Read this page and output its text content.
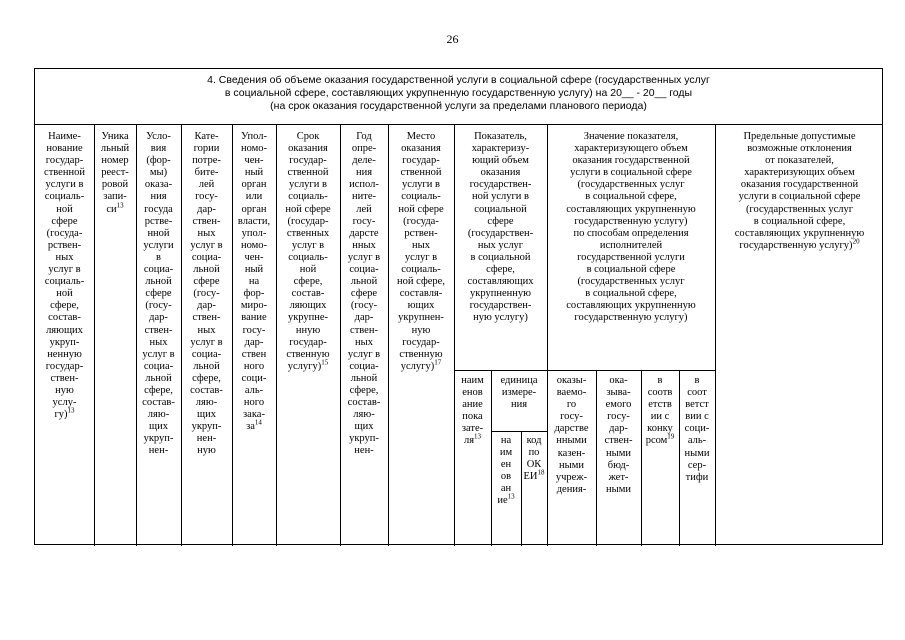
26
4. Сведения об объеме оказания государственной услуги в социальной сфере (государственных услуг
в социальной сфере, составляющих укрупненную государственную услугу) на 20__ - 20__ годы
(на срок оказания государственной услуги за пределами планового периода)
Наиме-
нование
государ-
ственной
услуги в
социаль-
ной
сфере
(госуда-
рствен-
ных
услуг в
социаль-
ной
сфере,
состав-
ляющих
укруп-
ненную
государ-
ствен-
ную
услу-
гу)$^{13}$
Уника
льный
номер
реест-
ровой
запи-
$си^{13}$
Усло-
вия
(фор-
мы)
оказа-
ния
госуда
рстве-
нной
услуги
в
социа-
льной
сфере
(госу-
дар-
ствен-
ных
услуг в
социа-
льной
сфере,
состав-
ляю-
щих
укруп-
нен-
Кате-
гории
потре-
бите-
лей
госу-
дар-
ствен-
ных
услуг в
социа-
льной
сфере
(госу-
дар-
ствен-
ных
услуг в
социа-
льной
сфере,
состав-
ляю-
щих
укруп-
нен-
ную
Упол-
номо-
чен-
ный
орган
или
орган
власти,
упол-
номо-
чен-
ный
на
фор-
миро-
вание
госу-
дар-
ствен
ного
соци-
аль-
ного
зака-
$за^{14}$
Срок
оказания
государ-
ственной
услуги в
социаль-
ной сфере
(государ-
ственных
услуг в
социаль-
ной
сфере,
состав-
ляющих
укрупне-
нную
государ-
ственную
услугу)$^{15}$
Год
опре-
деле-
ния
испол-
ните-
лей
госу-
дарсте
нных
услуг в
социа-
льной
сфере
(госу-
дар-
ствен-
ных
услуг в
социа-
льной
сфере,
состав-
ляю-
щих
укруп-
нен-
Место
оказания
государ-
ственной
услуги в
социаль-
ной сфере
(госуда-
рствен-
ных
услуг в
социаль-
ной сфере,
составля-
ющих
укрупнен-
ную
государ-
ственную
услугу)$^{17}$
Показатель,
характеризу-
ющий объем
оказания
государствен-
ной услуги в
социальной
сфере
(государствен-
ных услуг
в социальной
сфере,
составляющих
укрупненную
государствен-
ную услугу)
Значение показателя,
характеризующего объем
оказания государственной
услуги в социальной сфере
(государственных услуг
в социальной сфере,
составляющих укрупненную
государственную услугу)
по способам определения
исполнителей
государственной услуги
в социальной сфере
(государственных услуг
в социальной сфере,
составляющих укрупненную
государственную услугу)
Предельные допустимые
возможные отклонения
от показателей,
характеризующих объем
оказания государственной
услуги в социальной сфере
(государственных услуг
в социальной сфере,
составляющих укрупненную
государственную услугу)$^{20}$
наим
енов
ание
пока
зате-
$ля^{13}$
единица
измере-
ния
на
им
ен
ов
ан
$ие^{13}$
код
по
ОК
ЕИ$^{18}$
оказы-
ваемо-
го
госу-
дарстве
нными
казен-
ными
учреж-
дения-
ока-
зыва-
емого
госу-
дар-
ствен-
ными
бюд-
жет-
ными
в
соотв
етств
ии с
конку
рсом$^{19}$
в
соот
ветст
вии с
соци-
аль-
ными
сер-
тифи
